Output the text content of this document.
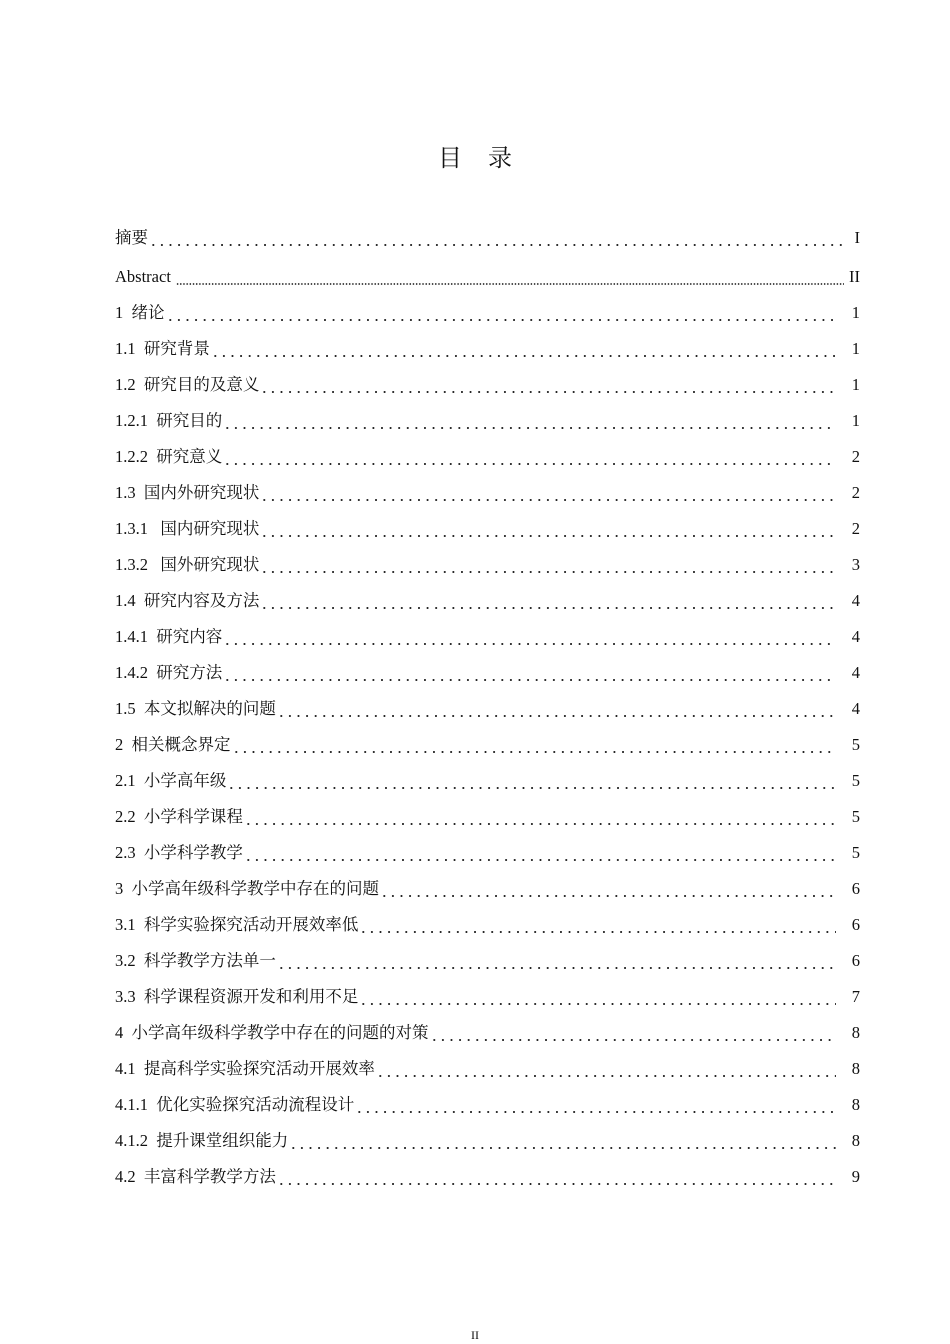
目录
摘要	I
Abstract	II
1  绪论	1
1.1  研究背景	1
1.2  研究目的及意义	1
1.2.1  研究目的	1
1.2.2  研究意义	2
1.3  国内外研究现状	2
1.3.1   国内研究现状	2
1.3.2   国外研究现状	3
1.4  研究内容及方法	4
1.4.1  研究内容	4
1.4.2  研究方法	4
1.5  本文拟解决的问题	4
2  相关概念界定	5
2.1  小学高年级	5
2.2  小学科学课程	5
2.3  小学科学教学	5
3  小学高年级科学教学中存在的问题	6
3.1  科学实验探究活动开展效率低	6
3.2  科学教学方法单一	6
3.3  科学课程资源开发和利用不足	7
4  小学高年级科学教学中存在的问题的对策	8
4.1  提高科学实验探究活动开展效率	8
4.1.1  优化实验探究活动流程设计	8
4.1.2  提升课堂组织能力	8
4.2  丰富科学教学方法	9
II
